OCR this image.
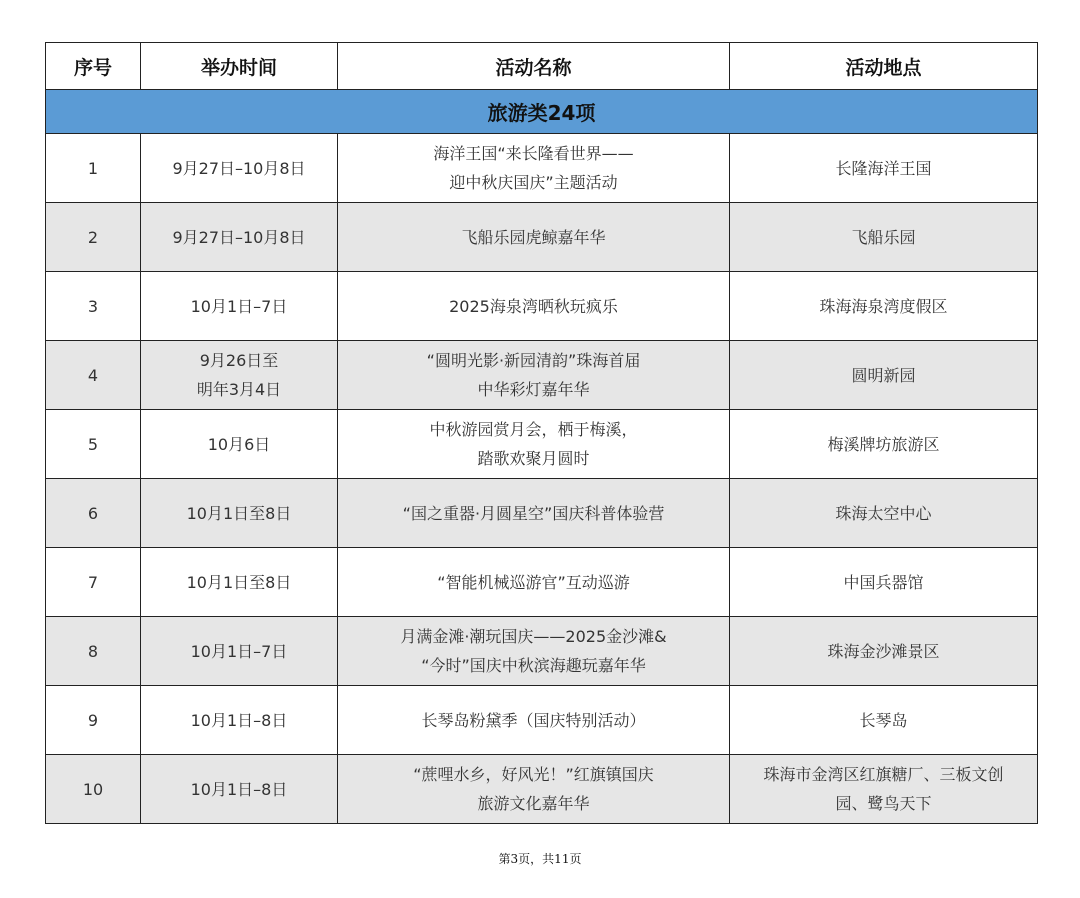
序号	举办时间	活动名称	活动地点
旅游类24项			
1	9月27日–10月8日	海洋王国“来长隆看世界——
迎中秋庆国庆”主题活动	长隆海洋王国

2	9月27日–10月8日	飞船乐园虎鲸嘉年华	飞船乐园

3	10月1日–7日	2025海泉湾晒秋玩疯乐	珠海海泉湾度假区

4	9月26日至
明年3月4日	“圆明光影·新园清韵”珠海首届
中华彩灯嘉年华	圆明新园

5	10月6日	中秋游园赏月会，栖于梅溪，
踏歌欢聚月圆时	梅溪牌坊旅游区

6	10月1日至8日	“国之重器·月圆星空”国庆科普体验营	珠海太空中心

7	10月1日至8日	“智能机械巡游官”互动巡游	中国兵器馆

8	10月1日–7日	月满金滩·潮玩国庆——2025金沙滩&
“今时”国庆中秋滨海趣玩嘉年华	珠海金沙滩景区

9	10月1日–8日	长琴岛粉黛季（国庆特别活动）	长琴岛

10	10月1日–8日	“蔗哩水乡，好风光！”红旗镇国庆
旅游文化嘉年华	珠海市金湾区红旗糖厂、三板文创
园、鹭鸟天下
第3页，共11页
